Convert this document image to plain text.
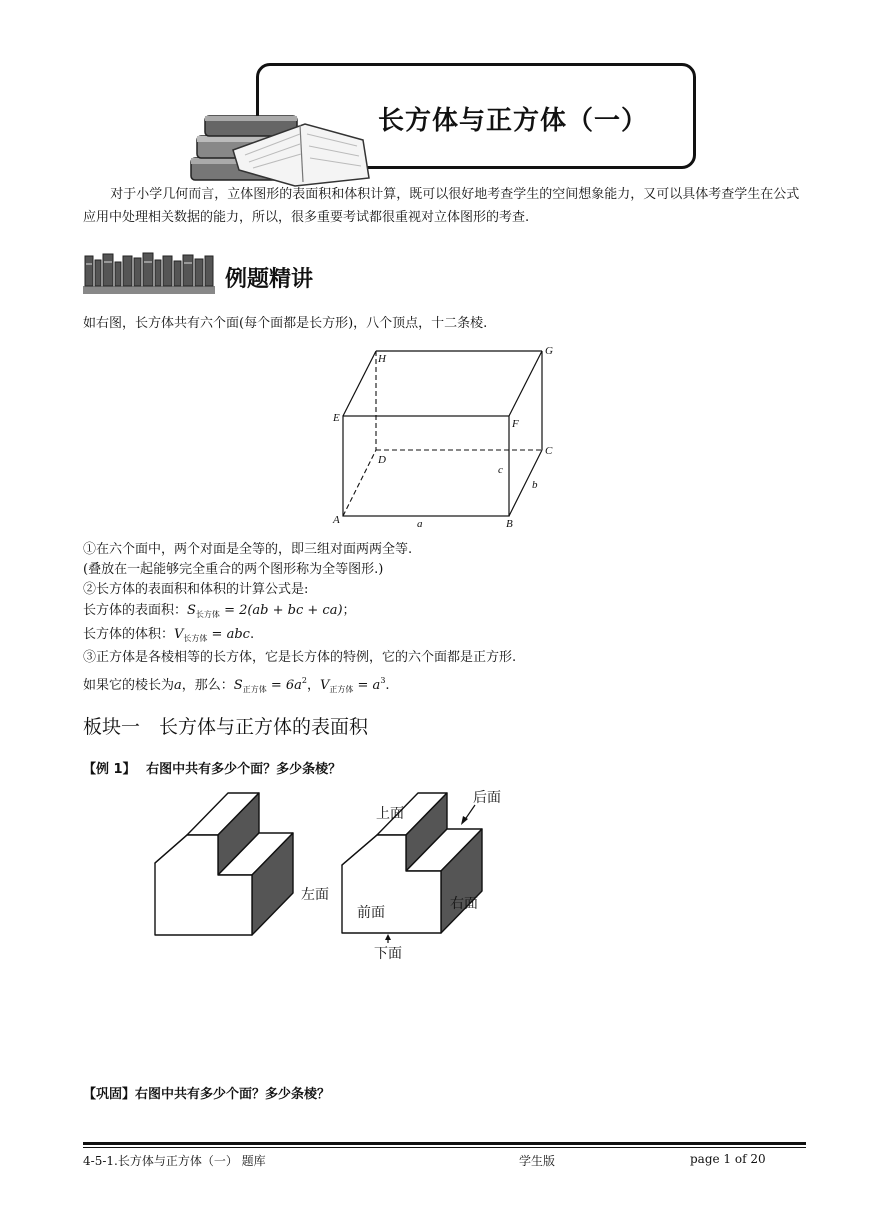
长方体与正方体（一）
对于小学几何而言，立体图形的表面积和体积计算，既可以很好地考查学生的空间想象能力，又可以具体考查学生在公式应用中处理相关数据的能力，所以，很多重要考试都很重视对立体图形的考查.
例题精讲
如右图，长方体共有六个面(每个面都是长方形)，八个顶点，十二条棱.
H
G
E	F
D
C
A	B
a
b
c
①在六个面中，两个对面是全等的，即三组对面两两全等.
(叠放在一起能够完全重合的两个图形称为全等图形.)
②长方体的表面积和体积的计算公式是:
长方体的表面积：$S_{长方体} = 2(ab$ + bc + ca)；
长方体的体积：$V_{长方体}$ = abc.
③正方体是各棱相等的长方体，它是长方体的特例，它的六个面都是正方形.
如果它的棱长为a，那么：$S_{正方体} = 6a^2$，$V_{正方体} = a^3$.
板块一　长方体与正方体的表面积
【例 1】 右图中共有多少个面？多少条棱？
上面
后面
左面
前面
右面
下面
【巩固】右图中共有多少个面？多少条棱？
4-5-1.长方体与正方体（一） 题库	学生版	page 1 of 20
